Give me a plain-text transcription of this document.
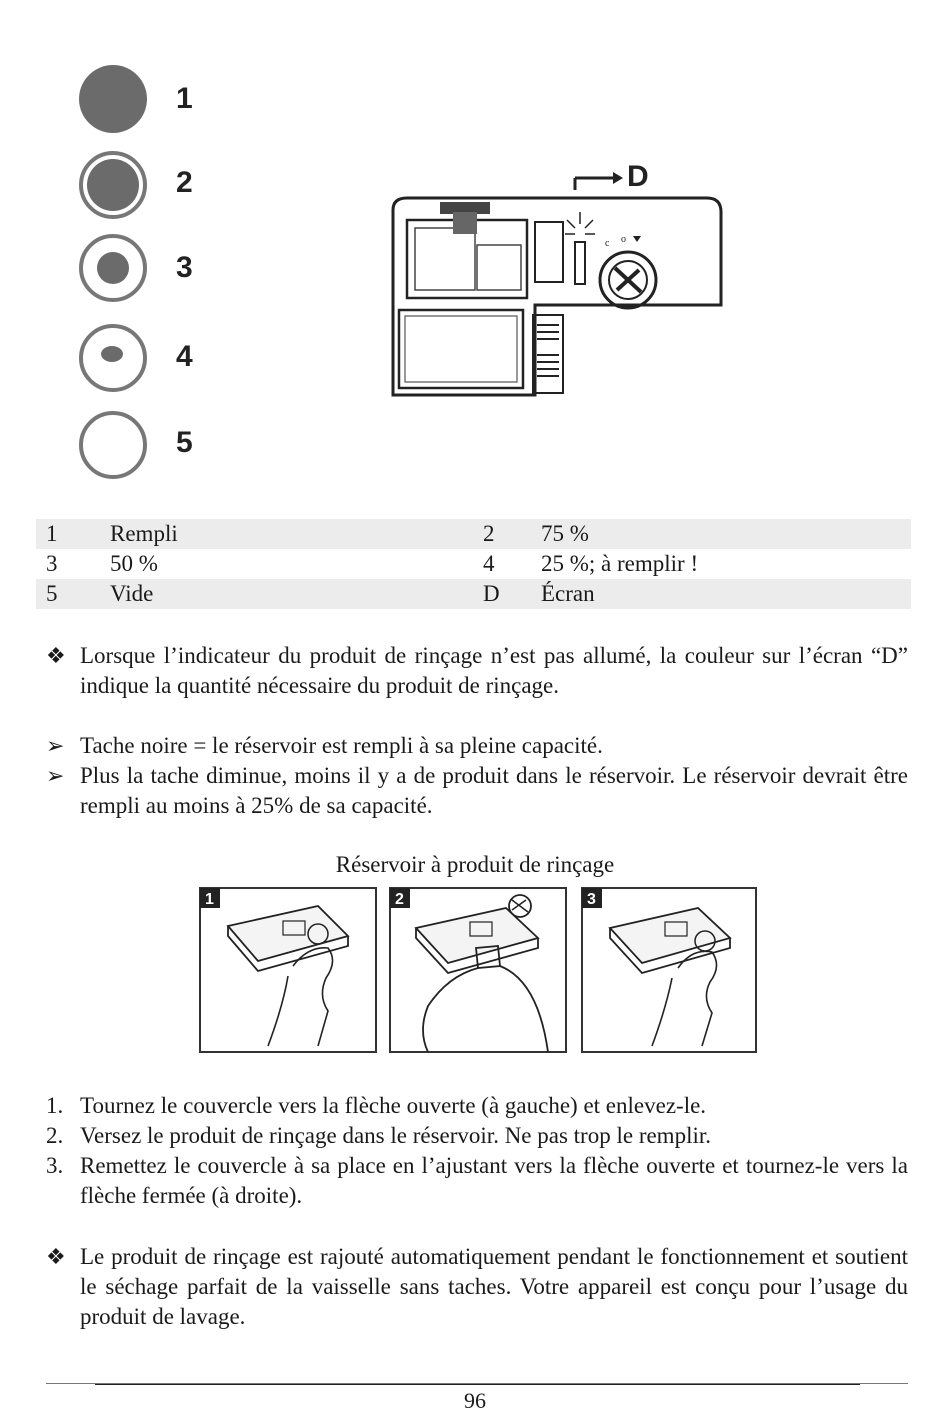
1
2
3
4
5
D
c o
1 Rempli	2 75 %
3 50 %	4 25 %; à remplir !
5 Vide	D Écran
❖ Lorsque l’indicateur du produit de rinçage n’est pas allumé, la couleur sur l’écran “D” indique la quantité nécessaire du produit de rinçage.
➢ Tache noire = le réservoir est rempli à sa pleine capacité.
➢ Plus la tache diminue, moins il y a de produit dans le réservoir. Le réservoir devrait être rempli au moins à 25% de sa capacité.
Réservoir à produit de rinçage
1	2	3
1. Tournez le couvercle vers la flèche ouverte (à gauche) et enlevez-le.
2. Versez le produit de rinçage dans le réservoir. Ne pas trop le remplir.
3. Remettez le couvercle à sa place en l’ajustant vers la flèche ouverte et tournez-le vers la flèche fermée (à droite).
❖ Le produit de rinçage est rajouté automatiquement pendant le fonctionnement et soutient le séchage parfait de la vaisselle sans taches. Votre appareil est conçu pour l’usage du produit de lavage.
96
